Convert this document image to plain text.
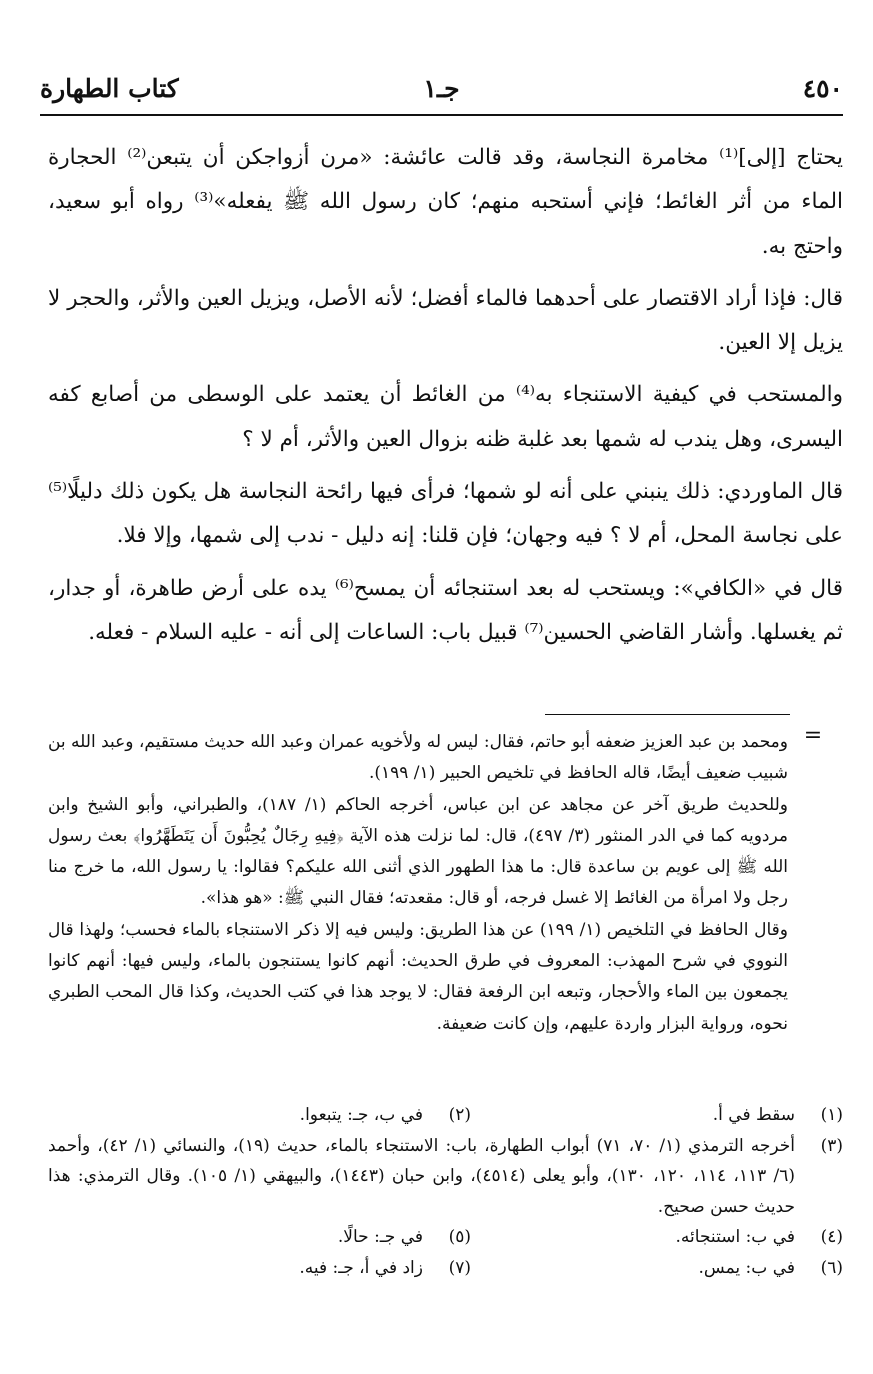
٤٥٠
جـ١
كتاب الطهارة

يحتاج [إلى]⁽¹⁾ مخامرة النجاسة، وقد قالت عائشة: «مرن أزواجكن أن يتبعن⁽²⁾ الحجارة الماء من أثر الغائط؛ فإني أستحبه منهم؛ كان رسول الله ﷺ يفعله»⁽³⁾ رواه أبو سعيد، واحتج به.

قال: فإذا أراد الاقتصار على أحدهما فالماء أفضل؛ لأنه الأصل، ويزيل العين والأثر، والحجر لا يزيل إلا العين.

والمستحب في كيفية الاستنجاء به⁽⁴⁾ من الغائط أن يعتمد على الوسطى من أصابع كفه اليسرى، وهل يندب له شمها بعد غلبة ظنه بزوال العين والأثر، أم لا ؟

قال الماوردي: ذلك ينبني على أنه لو شمها؛ فرأى فيها رائحة النجاسة هل يكون ذلك دليلًا⁽⁵⁾ على نجاسة المحل، أم لا ؟ فيه وجهان؛ فإن قلنا: إنه دليل - ندب إلى شمها، وإلا فلا.

قال في «الكافي»: ويستحب له بعد استنجائه أن يمسح⁽⁶⁾ يده على أرض طاهرة، أو جدار، ثم يغسلها. وأشار القاضي الحسين⁽⁷⁾ قبيل باب: الساعات إلى أنه - عليه السلام - فعله.

=

ومحمد بن عبد العزيز ضعفه أبو حاتم، فقال: ليس له ولأخويه عمران وعبد الله حديث مستقيم، وعبد الله بن شبيب ضعيف أيضًا، قاله الحافظ في تلخيص الحبير (١/ ١٩٩).

وللحديث طريق آخر عن مجاهد عن ابن عباس، أخرجه الحاكم (١/ ١٨٧)، والطبراني، وأبو الشيخ وابن مردويه كما في الدر المنثور (٣/ ٤٩٧)، قال: لما نزلت هذه الآية ﴿فِيهِ رِجَالٌ يُحِبُّونَ أَن يَتَطَهَّرُوا﴾ بعث رسول الله ﷺ إلى عويم بن ساعدة قال: ما هذا الطهور الذي أثنى الله عليكم؟ فقالوا: يا رسول الله، ما خرج منا رجل ولا امرأة من الغائط إلا غسل فرجه، أو قال: مقعدته؛ فقال النبي ﷺ: «هو هذا».

وقال الحافظ في التلخيص (١/ ١٩٩) عن هذا الطريق: وليس فيه إلا ذكر الاستنجاء بالماء فحسب؛ ولهذا قال النووي في شرح المهذب: المعروف في طرق الحديث: أنهم كانوا يستنجون بالماء، وليس فيها: أنهم كانوا يجمعون بين الماء والأحجار، وتبعه ابن الرفعة فقال: لا يوجد هذا في كتب الحديث، وكذا قال المحب الطبري نحوه، ورواية البزار واردة عليهم، وإن كانت ضعيفة.

(١)
سقط في أ.
(٢)
في ب، جـ: يتبعوا.
(٣)
أخرجه الترمذي (١/ ٧٠، ٧١) أبواب الطهارة، باب: الاستنجاء بالماء، حديث (١٩)، والنسائي (١/ ٤٢)، وأحمد (٦/ ١١٣، ١١٤، ١٢٠، ١٣٠)، وأبو يعلى (٤٥١٤)، وابن حبان (١٤٤٣)، والبيهقي (١/ ١٠٥). وقال الترمذي: هذا حديث حسن صحيح.
(٤)
في ب: استنجائه.
(٥)
في جـ: حالًا.
(٦)
في ب: يمس.
(٧)
زاد في أ، جـ: فيه.
